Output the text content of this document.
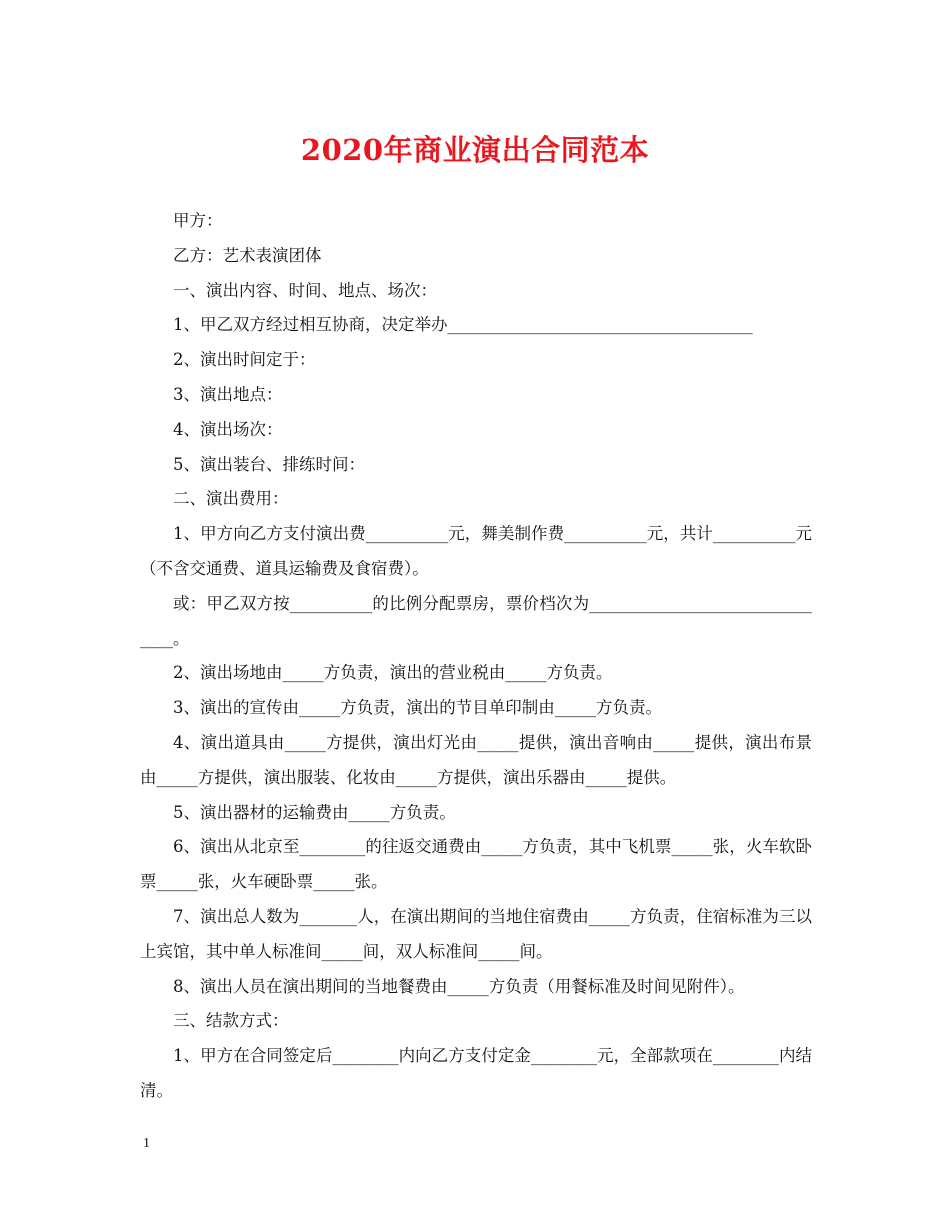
2020年商业演出合同范本

甲方：

乙方：艺术表演团体

一、演出内容、时间、地点、场次：

1、甲乙双方经过相互协商，决定举办_____________________________________

2、演出时间定于：

3、演出地点：

4、演出场次：

5、演出装台、排练时间：

二、演出费用：

1、甲方向乙方支付演出费__________元，舞美制作费__________元，共计__________元（不含交通费、道具运输费及食宿费）。

或：甲乙双方按__________的比例分配票房，票价档次为_______________________________。

2、演出场地由_____方负责，演出的营业税由_____方负责。

3、演出的宣传由_____方负责，演出的节目单印制由_____方负责。

4、演出道具由_____方提供，演出灯光由_____提供，演出音响由_____提供，演出布景由_____方提供，演出服装、化妆由_____方提供，演出乐器由_____提供。

5、演出器材的运输费由_____方负责。

6、演出从北京至________的往返交通费由_____方负责，其中飞机票_____张，火车软卧票_____张，火车硬卧票_____张。

7、演出总人数为_______人，在演出期间的当地住宿费由_____方负责，住宿标准为三以上宾馆，其中单人标准间_____间，双人标准间_____间。

8、演出人员在演出期间的当地餐费由_____方负责（用餐标准及时间见附件）。

三、结款方式：

1、甲方在合同签定后________内向乙方支付定金________元，全部款项在________内结清。

1
